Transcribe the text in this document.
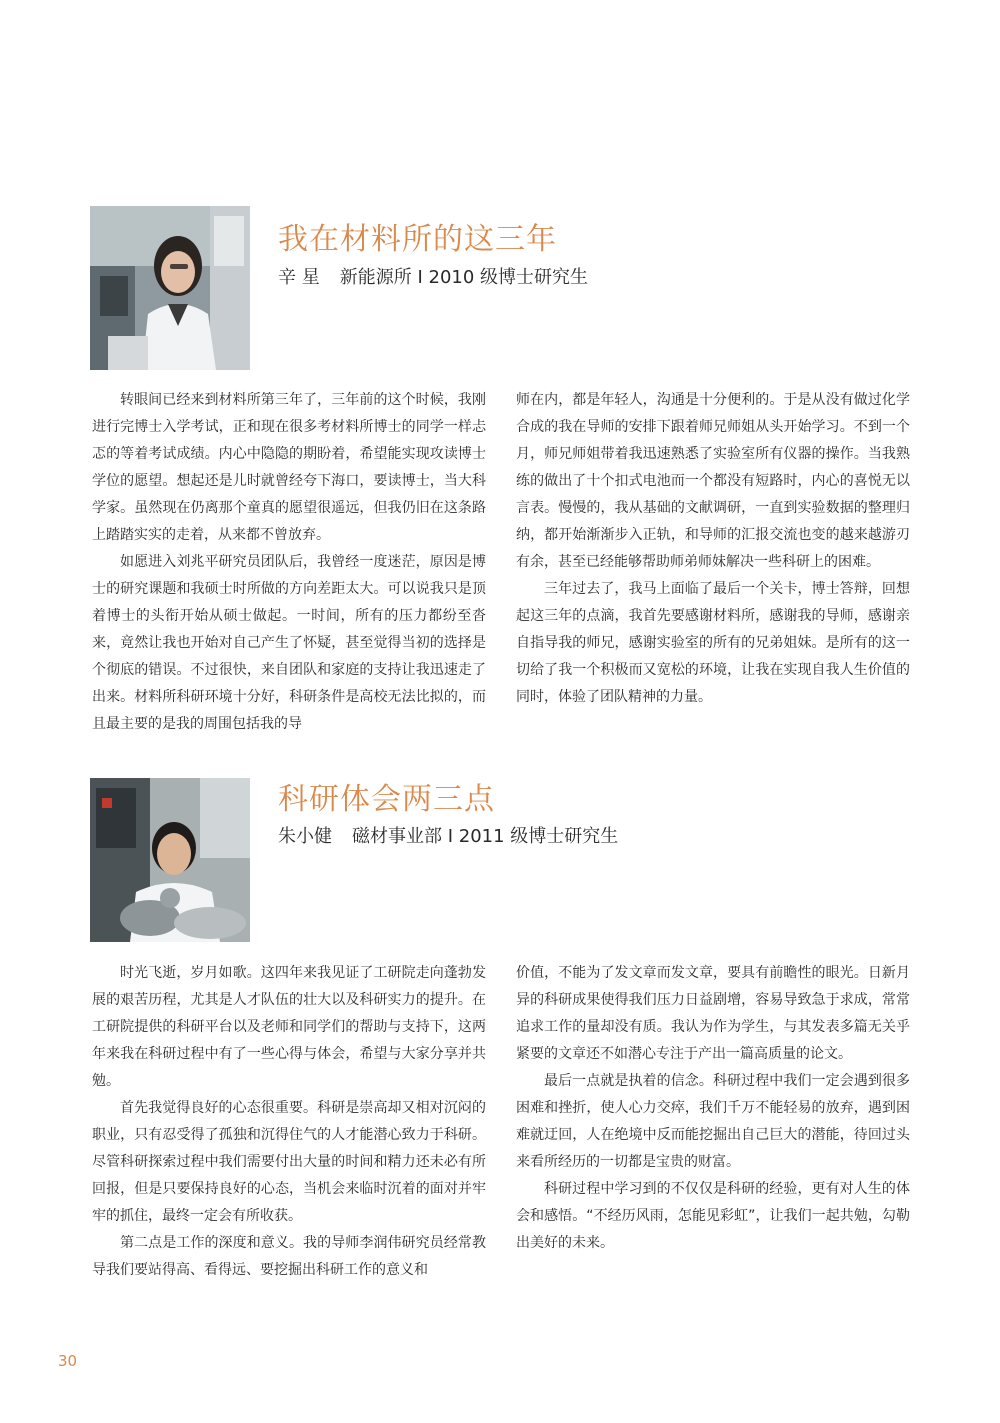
我在材料所的这三年
辛 星 新能源所 I 2010 级博士研究生

转眼间已经来到材料所第三年了，三年前的这个时候，我刚进行完博士入学考试，正和现在很多考材料所博士的同学一样忐忑的等着考试成绩。内心中隐隐的期盼着，希望能实现攻读博士学位的愿望。想起还是儿时就曾经夸下海口，要读博士，当大科学家。虽然现在仍离那个童真的愿望很遥远，但我仍旧在这条路上踏踏实实的走着，从来都不曾放弃。

如愿进入刘兆平研究员团队后，我曾经一度迷茫，原因是博士的研究课题和我硕士时所做的方向差距太大。可以说我只是顶着博士的头衔开始从硕士做起。一时间，所有的压力都纷至沓来，竟然让我也开始对自己产生了怀疑，甚至觉得当初的选择是个彻底的错误。不过很快，来自团队和家庭的支持让我迅速走了出来。材料所科研环境十分好，科研条件是高校无法比拟的，而且最主要的是我的周围包括我的导

师在内，都是年轻人，沟通是十分便利的。于是从没有做过化学合成的我在导师的安排下跟着师兄师姐从头开始学习。不到一个月，师兄师姐带着我迅速熟悉了实验室所有仪器的操作。当我熟练的做出了十个扣式电池而一个都没有短路时，内心的喜悦无以言表。慢慢的，我从基础的文献调研，一直到实验数据的整理归纳，都开始渐渐步入正轨，和导师的汇报交流也变的越来越游刃有余，甚至已经能够帮助师弟师妹解决一些科研上的困难。

三年过去了，我马上面临了最后一个关卡，博士答辩，回想起这三年的点滴，我首先要感谢材料所，感谢我的导师，感谢亲自指导我的师兄，感谢实验室的所有的兄弟姐妹。是所有的这一切给了我一个积极而又宽松的环境，让我在实现自我人生价值的同时，体验了团队精神的力量。

科研体会两三点
朱小健 磁材事业部 I 2011 级博士研究生

时光飞逝，岁月如歌。这四年来我见证了工研院走向蓬勃发展的艰苦历程，尤其是人才队伍的壮大以及科研实力的提升。在工研院提供的科研平台以及老师和同学们的帮助与支持下，这两年来我在科研过程中有了一些心得与体会，希望与大家分享并共勉。

首先我觉得良好的心态很重要。科研是崇高却又相对沉闷的职业，只有忍受得了孤独和沉得住气的人才能潜心致力于科研。尽管科研探索过程中我们需要付出大量的时间和精力还未必有所回报，但是只要保持良好的心态，当机会来临时沉着的面对并牢牢的抓住，最终一定会有所收获。

第二点是工作的深度和意义。我的导师李润伟研究员经常教导我们要站得高、看得远、要挖掘出科研工作的意义和

价值，不能为了发文章而发文章，要具有前瞻性的眼光。日新月异的科研成果使得我们压力日益剧增，容易导致急于求成，常常追求工作的量却没有质。我认为作为学生，与其发表多篇无关乎紧要的文章还不如潜心专注于产出一篇高质量的论文。

最后一点就是执着的信念。科研过程中我们一定会遇到很多困难和挫折，使人心力交瘁，我们千万不能轻易的放弃，遇到困难就迂回，人在绝境中反而能挖掘出自己巨大的潜能，待回过头来看所经历的一切都是宝贵的财富。

科研过程中学习到的不仅仅是科研的经验，更有对人生的体会和感悟。“不经历风雨，怎能见彩虹”，让我们一起共勉，勾勒出美好的未来。

30
